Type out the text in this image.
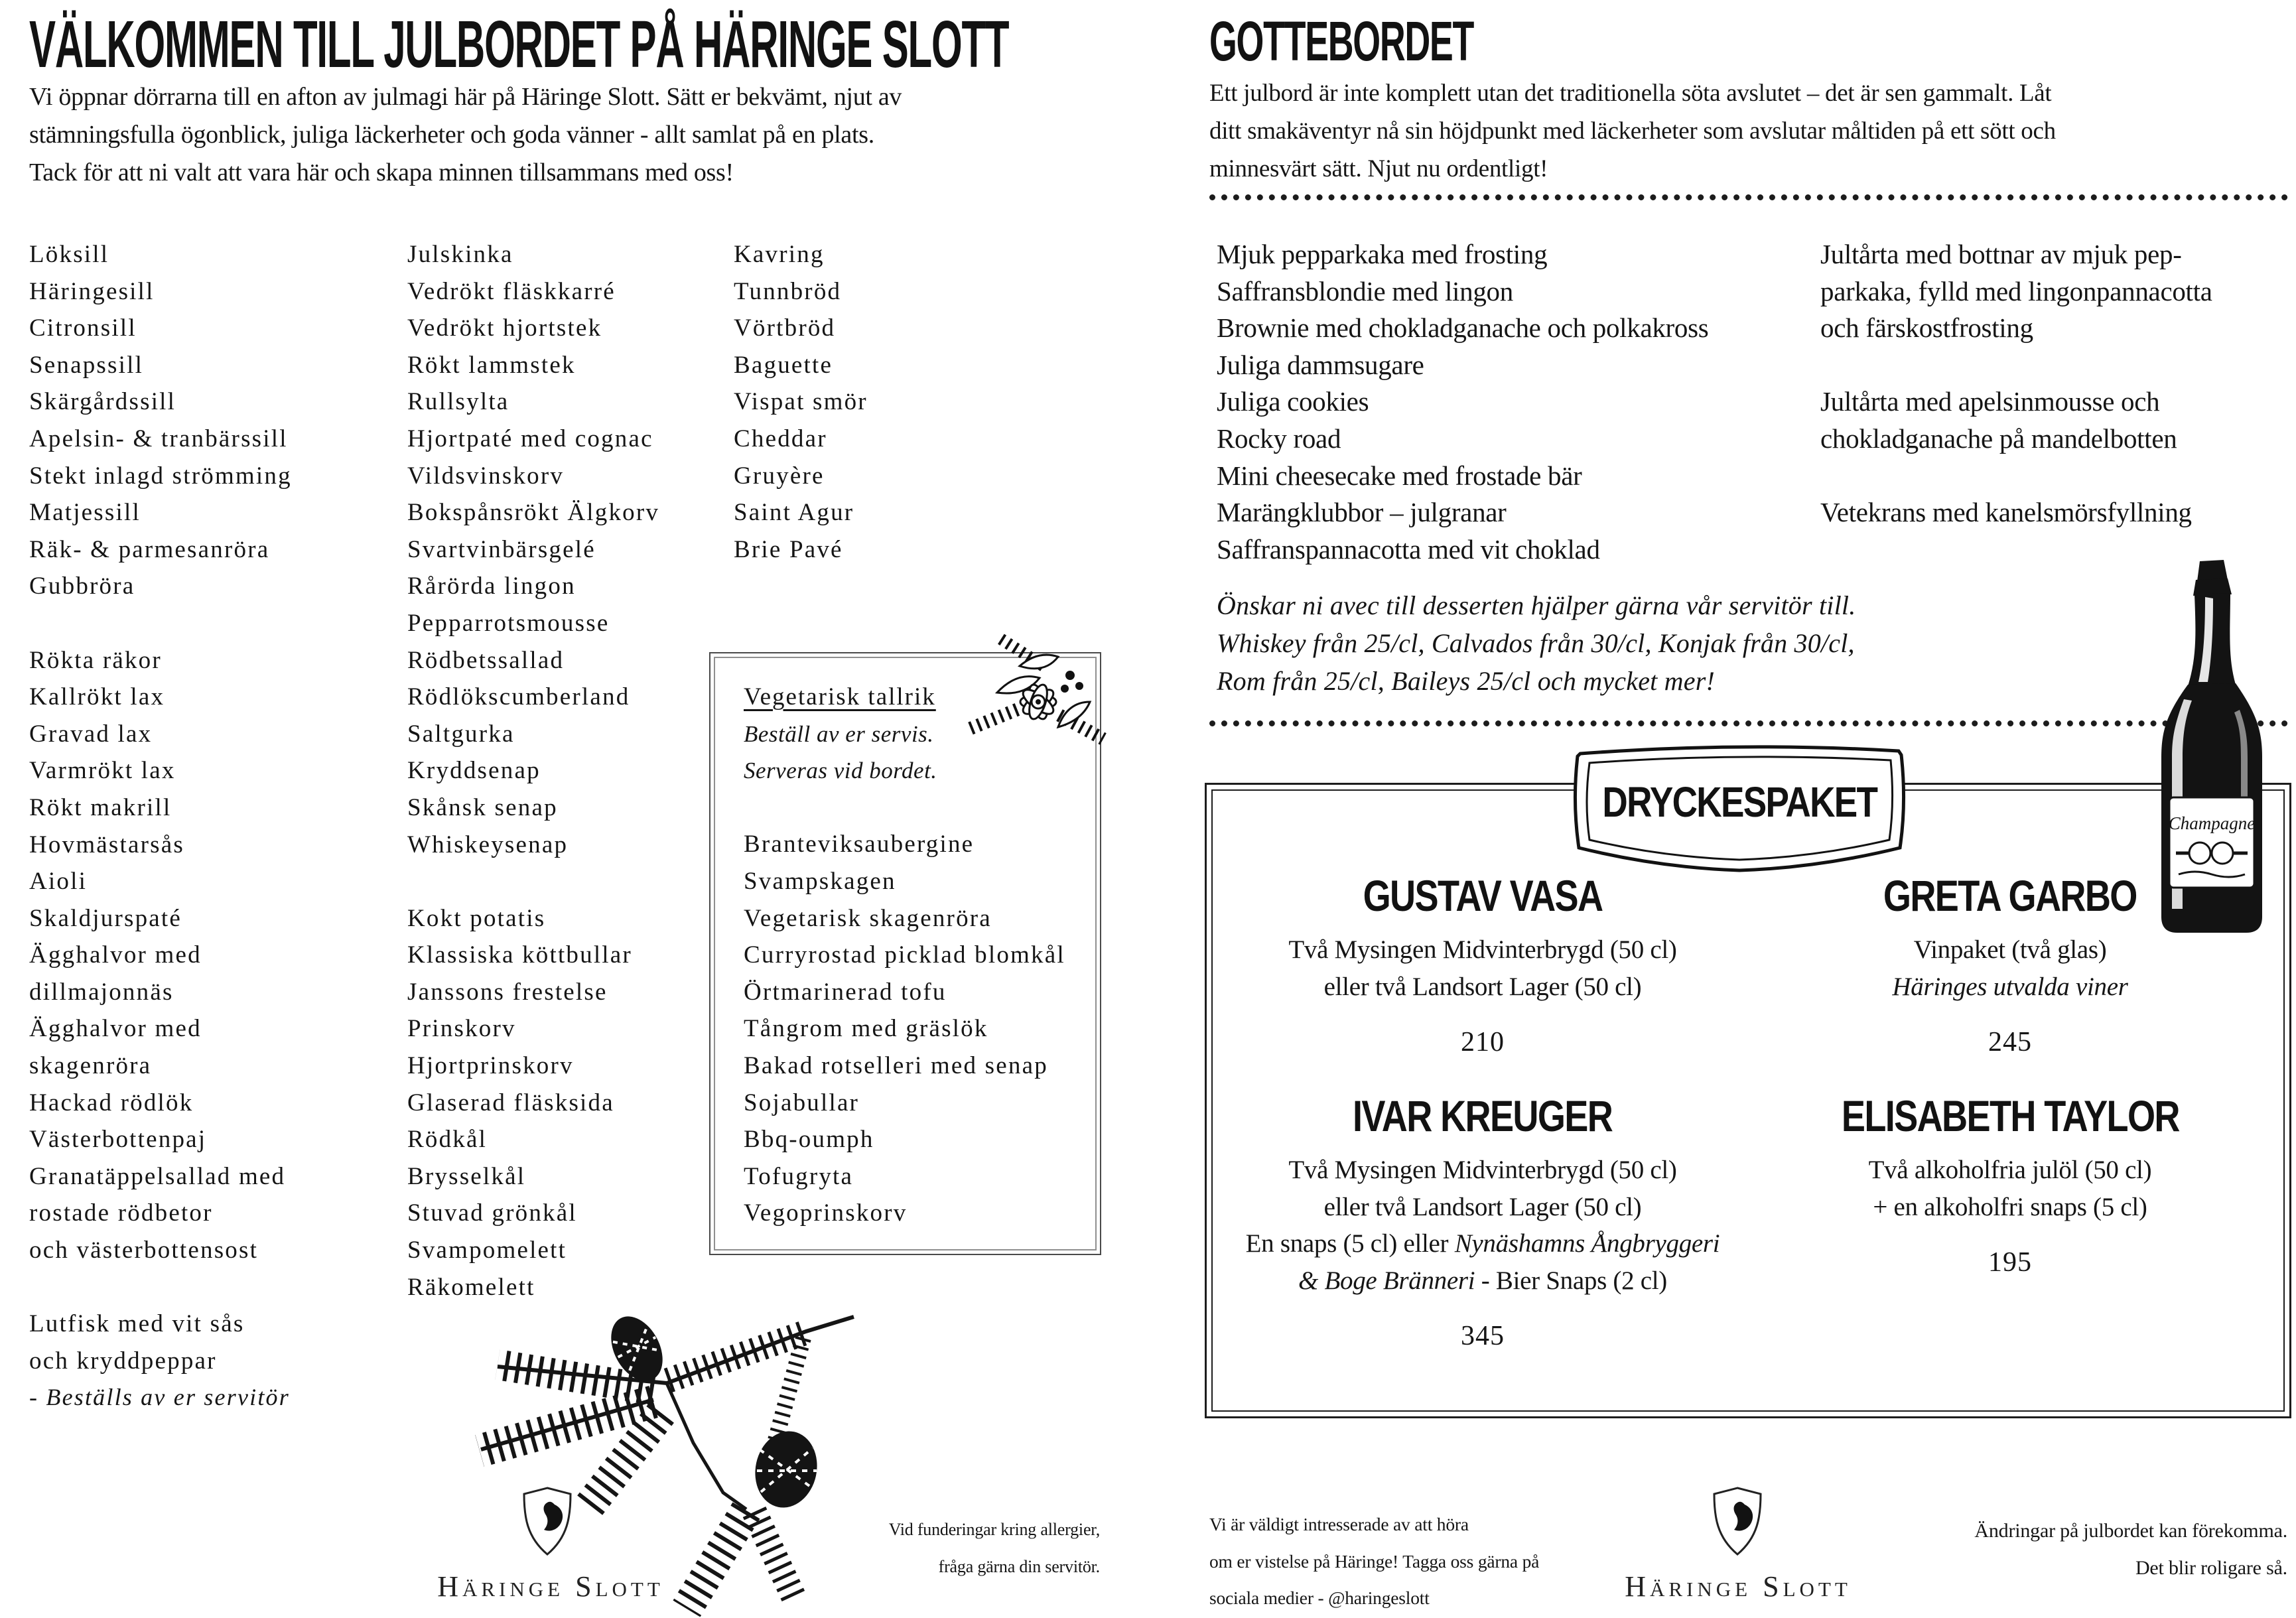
VÄLKOMMEN TILL JULBORDET PÅ HÄRINGE SLOTT
Vi öppnar dörrarna till en afton av julmagi här på Häringe Slott. Sätt er bekvämt, njut av
stämningsfulla ögonblick, juliga läckerheter och goda vänner - allt samlat på en plats.
Tack för att ni valt att vara här och skapa minnen tillsammans med oss!
Löksill
Häringesill
Citronsill
Senapssill
Skärgårdssill
Apelsin- & tranbärssill
Stekt inlagd strömming
Matjessill
Räk- & parmesanröra
Gubbröra
Rökta räkor
Kallrökt lax
Gravad lax
Varmrökt lax
Rökt makrill
Hovmästarsås
Aioli
Skaldjurspaté
Ägghalvor med
dillmajonnäs
Ägghalvor med
skagenröra
Hackad rödlök
Västerbottenpaj
Granatäppelsallad med
rostade rödbetor
och västerbottensost
Lutfisk med vit sås
och kryddpeppar
- Beställs av er servitör
Julskinka
Vedrökt fläskkarré
Vedrökt hjortstek
Rökt lammstek
Rullsylta
Hjortpaté med cognac
Vildsvinskorv
Bokspånsrökt Älgkorv
Svartvinbärsgelé
Rårörda lingon
Pepparrotsmousse
Rödbetssallad
Rödlökscumberland
Saltgurka
Kryddsenap
Skånsk senap
Whiskeysenap
Kokt potatis
Klassiska köttbullar
Janssons frestelse
Prinskorv
Hjortprinskorv
Glaserad fläsksida
Rödkål
Brysselkål
Stuvad grönkål
Svampomelett
Räkomelett
Kavring
Tunnbröd
Vörtbröd
Baguette
Vispat smör
Cheddar
Gruyère
Saint Agur
Brie Pavé
Vegetarisk tallrik
Beställ av er servis.
Serveras vid bordet.
Branteviksaubergine
Svampskagen
Vegetarisk skagenröra
Curryrostad picklad blomkål
Örtmarinerad tofu
Tångrom med gräslök
Bakad rotselleri med senap
Sojabullar
Bbq-oumph
Tofugryta
Vegoprinskorv
Häringe Slott
Vid funderingar kring allergier,
fråga gärna din servitör.
GOTTEBORDET
Ett julbord är inte komplett utan det traditionella söta avslutet – det är sen gammalt. Låt
ditt smakäventyr nå sin höjdpunkt med läckerheter som avslutar måltiden på ett sött och
minnesvärt sätt. Njut nu ordentligt!
Mjuk pepparkaka med frosting
Saffransblondie med lingon
Brownie med chokladganache och polkakross
Juliga dammsugare
Juliga cookies
Rocky road
Mini cheesecake med frostade bär
Marängklubbor – julgranar
Saffranspannacotta med vit choklad
Jultårta med bottnar av mjuk pep-
parkaka, fylld med lingonpannacotta
och färskostfrosting
Jultårta med apelsinmousse och
chokladganache på mandelbotten
Vetekrans med kanelsmörsfyllning
Önskar ni avec till desserten hjälper gärna vår servitör till.
Whiskey från 25/cl, Calvados från 30/cl, Konjak från 30/cl,
Rom från 25/cl, Baileys 25/cl och mycket mer!
DRYCKESPAKET
GUSTAV VASA
Två Mysingen Midvinterbrygd (50 cl)
eller två Landsort Lager (50 cl)
210
GRETA GARBO
Vinpaket (två glas)
Häringes utvalda viner
245
IVAR KREUGER
Två Mysingen Midvinterbrygd (50 cl)
eller två Landsort Lager (50 cl)
En snaps (5 cl) eller Nynäshamns Ångbryggeri
& Boge Bränneri - Bier Snaps (2 cl)
345
ELISABETH TAYLOR
Två alkoholfria julöl (50 cl)
+ en alkoholfri snaps (5 cl)
195
Champagne
Vi är väldigt intresserade av att höra
om er vistelse på Häringe! Tagga oss gärna på
sociala medier - @haringeslott	Häringe Slott
Ändringar på julbordet kan förekomma.
Det blir roligare så.
